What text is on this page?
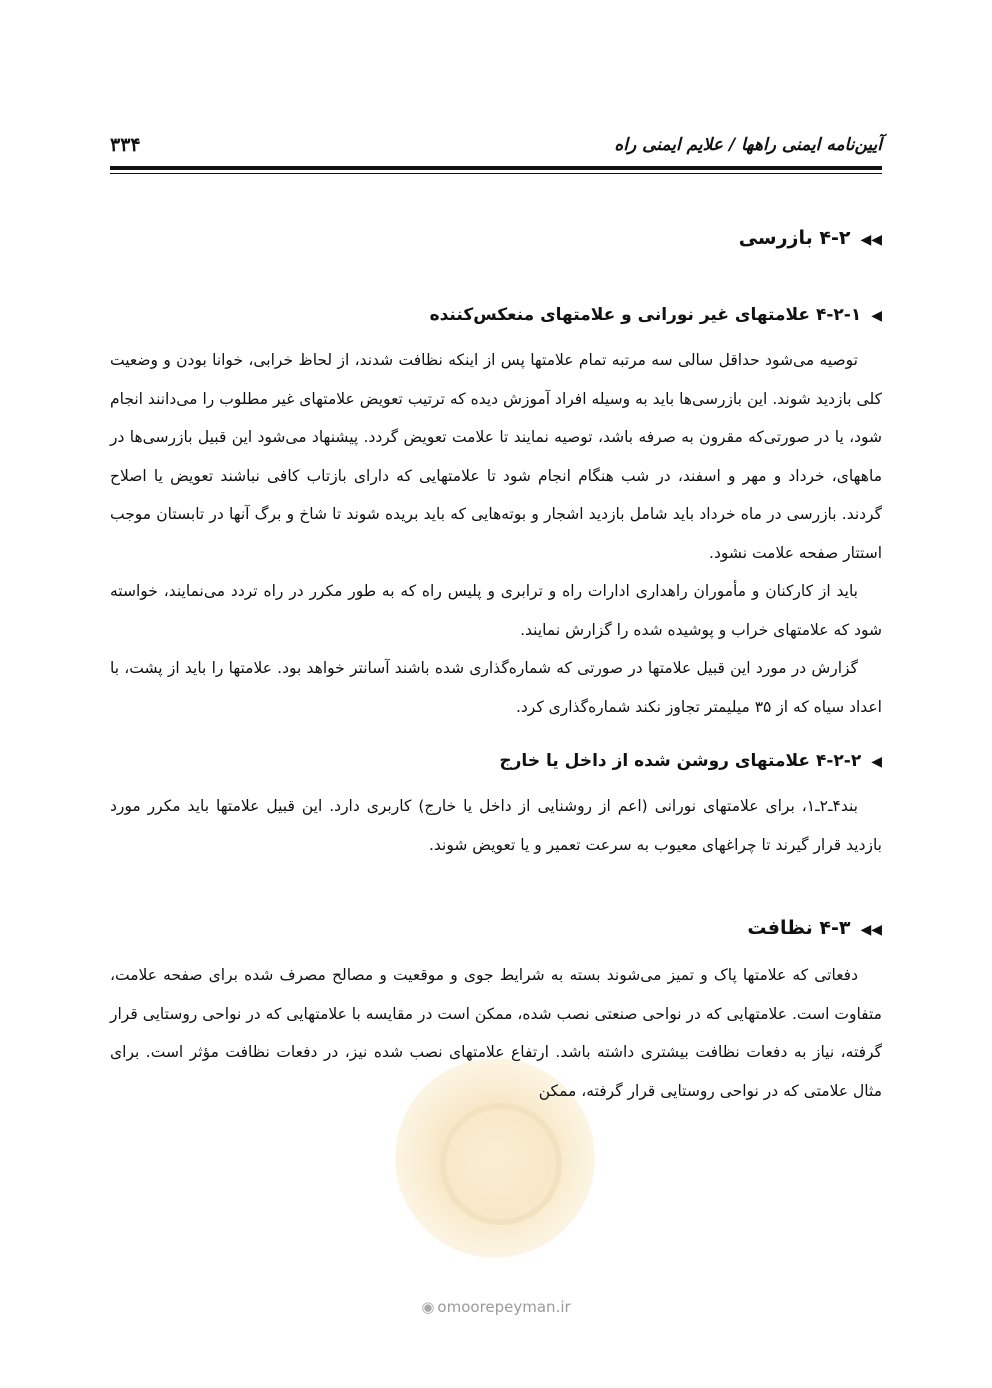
آیین‌نامه ایمنی راهها / علایم ایمنی راه
۳۳۴
◀◀۴-۲ بازرسی
◀۴-۲-۱ علامتهای غیر نورانی و علامتهای منعکس‌کننده

توصیه می‌شود حداقل سالی سه مرتبه تمام علامتها پس از اینکه نظافت شدند، از لحاظ خرابی، خوانا بودن و وضعیت کلی بازدید شوند. این بازرسی‌ها باید به وسیله افراد آموزش دیده که ترتیب تعویض علامتهای غیر مطلوب را می‌دانند انجام شود، یا در صورتی‌که مقرون به صرفه باشد، توصیه نمایند تا علامت تعویض گردد. پیشنهاد می‌شود این قبیل بازرسی‌ها در ماههای، خرداد و مهر و اسفند، در شب هنگام انجام شود تا علامتهایی که دارای بازتاب کافی نباشند تعویض یا اصلاح گردند. بازرسی در ماه خرداد باید شامل بازدید اشجار و بوته‌هایی که باید بریده شوند تا شاخ و برگ آنها در تابستان موجب استتار صفحه علامت نشود.

باید از کارکنان و مأموران راهداری ادارات راه و ترابری و پلیس راه که به طور مکرر در راه تردد می‌نمایند، خواسته شود که علامتهای خراب و پوشیده شده را گزارش نمایند.

گزارش در مورد این قبیل علامتها در صورتی که شماره‌گذاری شده باشند آسانتر خواهد بود. علامتها را باید از پشت، با اعداد سیاه که از ۳۵ میلیمتر تجاوز نکند شماره‌گذاری کرد.

◀۴-۲-۲ علامتهای روشن شده از داخل یا خارج

بند۴ـ۲ـ۱، برای علامتهای نورانی (اعم از روشنایی از داخل یا خارج) کاربری دارد. این قبیل علامتها باید مکرر مورد بازدید قرار گیرند تا چراغهای معیوب به سرعت تعمیر و یا تعویض شوند.

◀◀۴-۳ نظافت

دفعاتی که علامتها پاک و تمیز می‌شوند بسته به شرایط جوی و موقعیت و مصالح مصرف شده برای صفحه علامت، متفاوت است. علامتهایی که در نواحی صنعتی نصب شده، ممکن است در مقایسه با علامتهایی که در نواحی روستایی قرار گرفته، نیاز به دفعات نظافت بیشتری داشته باشد. ارتفاع علامتهای نصب شده نیز، در دفعات نظافت مؤثر است. برای مثال علامتی که در نواحی روستایی قرار گرفته، ممکن

◉ omoorepeyman.ir
